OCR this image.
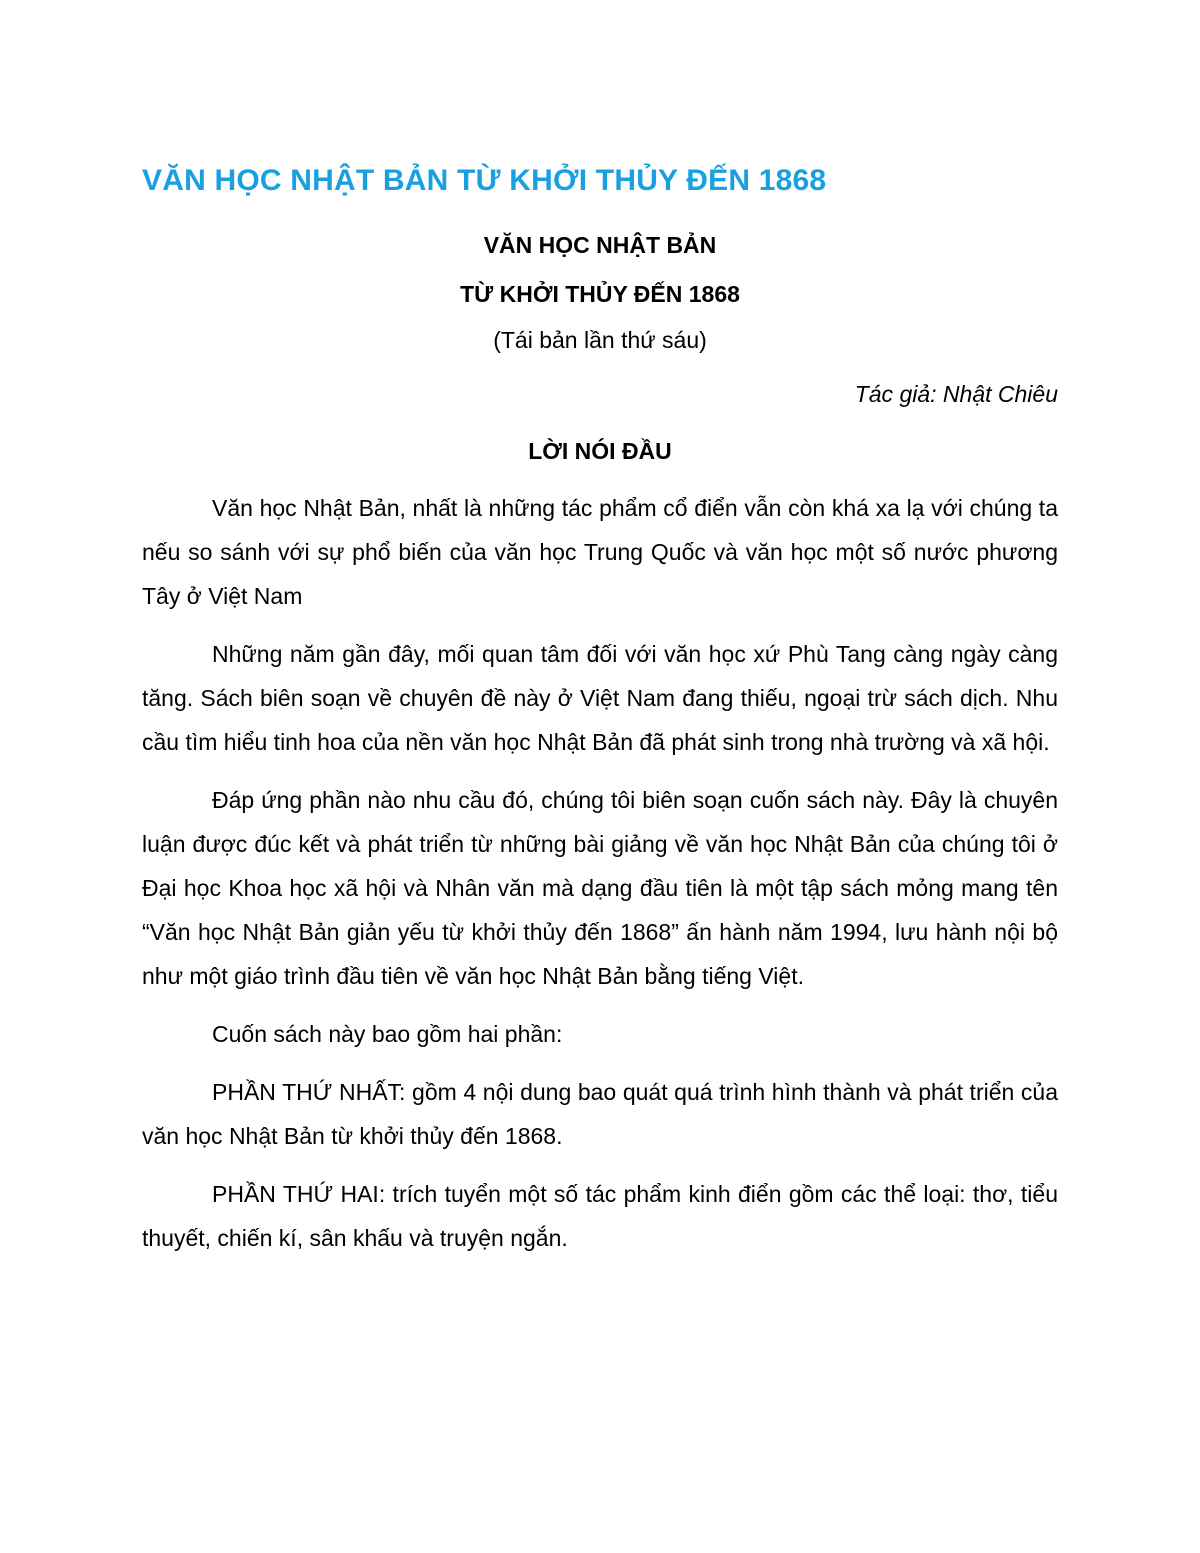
VĂN HỌC NHẬT BẢN TỪ KHỞI THỦY ĐẾN 1868
VĂN HỌC NHẬT BẢN
TỪ KHỞI THỦY ĐẾN 1868
(Tái bản lần thứ sáu)
Tác giả: Nhật Chiêu
LỜI NÓI ĐẦU

Văn học Nhật Bản, nhất là những tác phẩm cổ điển vẫn còn khá xa lạ với chúng ta nếu so sánh với sự phổ biến của văn học Trung Quốc và văn học một số nước phương Tây ở Việt Nam

Những năm gần đây, mối quan tâm đối với văn học xứ Phù Tang càng ngày càng tăng. Sách biên soạn về chuyên đề này ở Việt Nam đang thiếu, ngoại trừ sách dịch. Nhu cầu tìm hiểu tinh hoa của nền văn học Nhật Bản đã phát sinh trong nhà trường và xã hội.

Đáp ứng phần nào nhu cầu đó, chúng tôi biên soạn cuốn sách này. Đây là chuyên luận được đúc kết và phát triển từ những bài giảng về văn học Nhật Bản của chúng tôi ở Đại học Khoa học xã hội và Nhân văn mà dạng đầu tiên là một tập sách mỏng mang tên “Văn học Nhật Bản giản yếu từ khởi thủy đến 1868” ấn hành năm 1994, lưu hành nội bộ như một giáo trình đầu tiên về văn học Nhật Bản bằng tiếng Việt.

Cuốn sách này bao gồm hai phần:

PHẦN THỨ NHẤT: gồm 4 nội dung bao quát quá trình hình thành và phát triển của văn học Nhật Bản từ khởi thủy đến 1868.

PHẦN THỨ HAI: trích tuyển một số tác phẩm kinh điển gồm các thể loại: thơ, tiểu thuyết, chiến kí, sân khấu và truyện ngắn.
